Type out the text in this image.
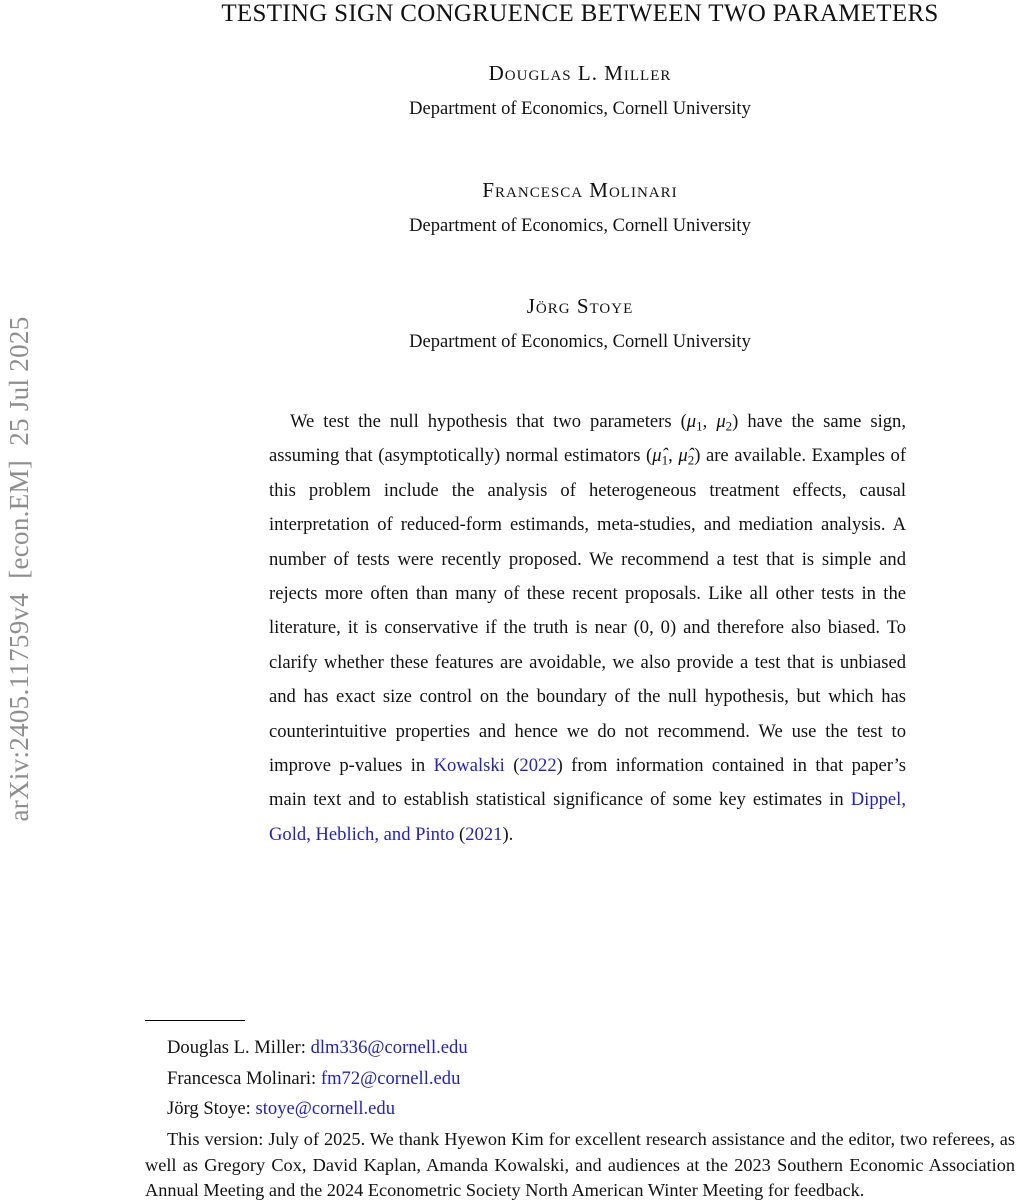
arXiv:2405.11759v4  [econ.EM]  25 Jul 2025
TESTING SIGN CONGRUENCE BETWEEN TWO PARAMETERS
Douglas L. Miller
Department of Economics, Cornell University
Francesca Molinari
Department of Economics, Cornell University
Jörg Stoye
Department of Economics, Cornell University
We test the null hypothesis that two parameters (μ1, μ2) have the same sign, assuming that (asymptotically) normal estimators (μ̂1, μ̂2) are available. Examples of this problem include the analysis of heterogeneous treatment effects, causal interpretation of reduced-form estimands, meta-studies, and mediation analysis. A number of tests were recently proposed. We recommend a test that is simple and rejects more often than many of these recent proposals. Like all other tests in the literature, it is conservative if the truth is near (0, 0) and therefore also biased. To clarify whether these features are avoidable, we also provide a test that is unbiased and has exact size control on the boundary of the null hypothesis, but which has counterintuitive properties and hence we do not recommend. We use the test to improve p-values in Kowalski (2022) from information contained in that paper’s main text and to establish statistical significance of some key estimates in Dippel, Gold, Heblich, and Pinto (2021).
Douglas L. Miller: dlm336@cornell.edu
Francesca Molinari: fm72@cornell.edu
Jörg Stoye: stoye@cornell.edu
This version: July of 2025. We thank Hyewon Kim for excellent research assistance and the editor, two referees, as well as Gregory Cox, David Kaplan, Amanda Kowalski, and audiences at the 2023 Southern Economic Association Annual Meeting and the 2024 Econometric Society North American Winter Meeting for feedback.
